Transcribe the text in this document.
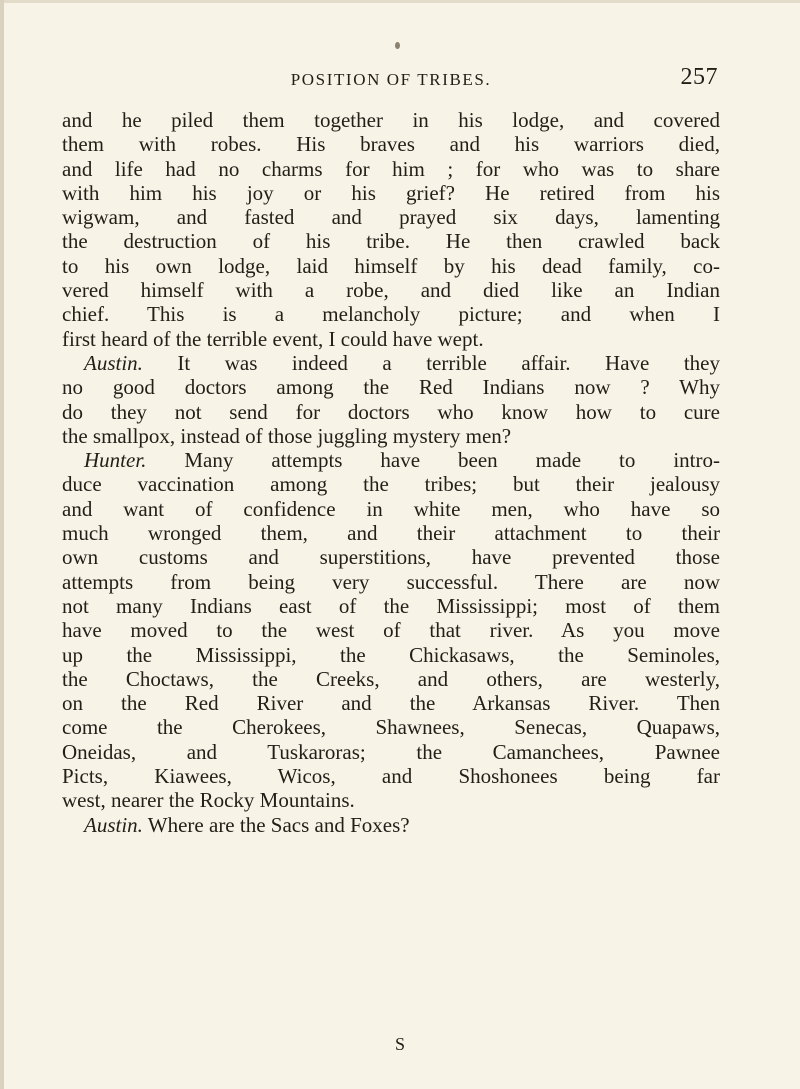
POSITION OF TRIBES.	257
and he piled them together in his lodge, and covered
them with robes. His braves and his warriors died,
and life had no charms for him ; for who was to share
with him his joy or his grief? He retired from his
wigwam, and fasted and prayed six days, lamenting
the destruction of his tribe. He then crawled back
to his own lodge, laid himself by his dead family, co-
vered himself with a robe, and died like an Indian
chief. This is a melancholy picture; and when I
first heard of the terrible event, I could have wept.
Austin. It was indeed a terrible affair. Have they
no good doctors among the Red Indians now ? Why
do they not send for doctors who know how to cure
the smallpox, instead of those juggling mystery men?
Hunter. Many attempts have been made to intro-
duce vaccination among the tribes; but their jealousy
and want of confidence in white men, who have so
much wronged them, and their attachment to their
own customs and superstitions, have prevented those
attempts from being very successful. There are now
not many Indians east of the Mississippi; most of them
have moved to the west of that river. As you move
up the Mississippi, the Chickasaws, the Seminoles,
the Choctaws, the Creeks, and others, are westerly,
on the Red River and the Arkansas River. Then
come the Cherokees, Shawnees, Senecas, Quapaws,
Oneidas, and Tuskaroras; the Camanchees, Pawnee
Picts, Kiawees, Wicos, and Shoshonees being far
west, nearer the Rocky Mountains.
Austin. Where are the Sacs and Foxes?
S
